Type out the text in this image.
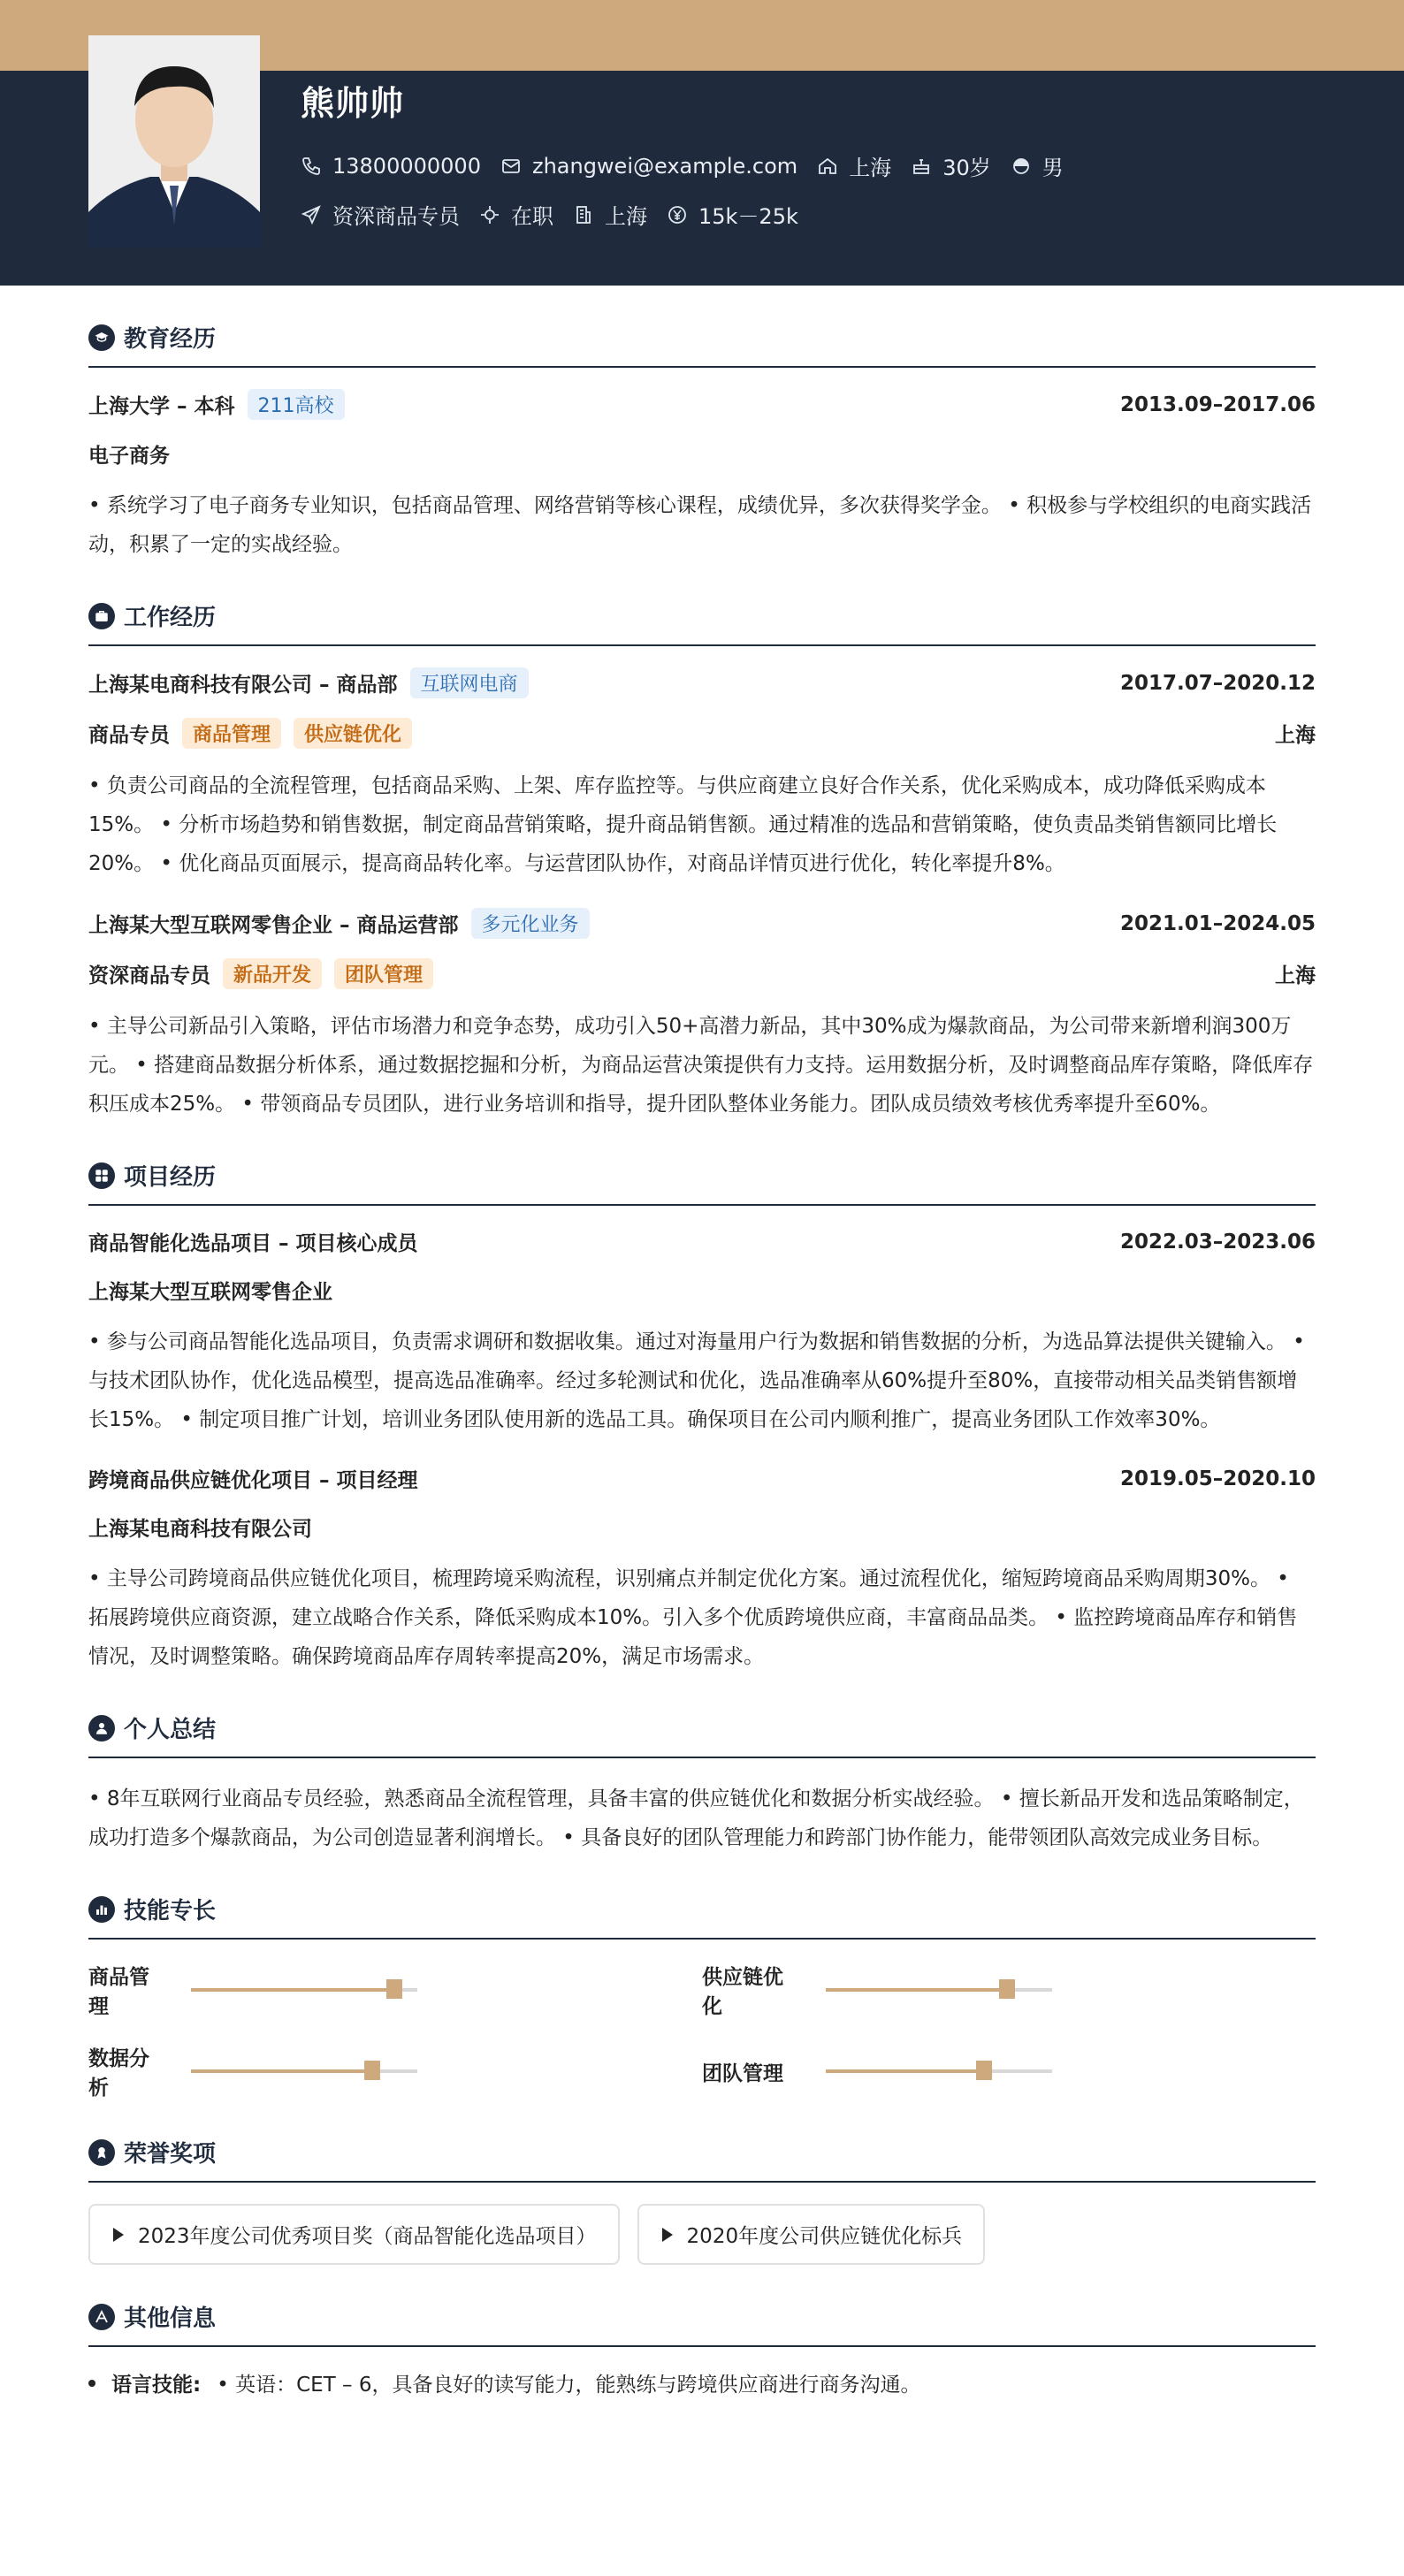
熊帅帅
13800000000 zhangwei@example.com 上海 30岁 男
资深商品专员 在职 上海 15k－25k
教育经历
上海大学 – 本科	211高校	2013.09–2017.06
电子商务
• 系统学习了电子商务专业知识，包括商品管理、网络营销等核心课程，成绩优异，多次获得奖学金。 • 积极参与学校组织的电商实践活动，积累了一定的实战经验。
工作经历
上海某电商科技有限公司 – 商品部	互联网电商	2017.07–2020.12
商品专员	商品管理	供应链优化	上海
• 负责公司商品的全流程管理，包括商品采购、上架、库存监控等。与供应商建立良好合作关系，优化采购成本，成功降低采购成本15%。 • 分析市场趋势和销售数据，制定商品营销策略，提升商品销售额。通过精准的选品和营销策略，使负责品类销售额同比增长20%。 • 优化商品页面展示，提高商品转化率。与运营团队协作，对商品详情页进行优化，转化率提升8%。
上海某大型互联网零售企业 – 商品运营部	多元化业务	2021.01–2024.05
资深商品专员	新品开发	团队管理	上海
• 主导公司新品引入策略，评估市场潜力和竞争态势，成功引入50+高潜力新品，其中30%成为爆款商品，为公司带来新增利润300万元。 • 搭建商品数据分析体系，通过数据挖掘和分析，为商品运营决策提供有力支持。运用数据分析，及时调整商品库存策略，降低库存积压成本25%。 • 带领商品专员团队，进行业务培训和指导，提升团队整体业务能力。团队成员绩效考核优秀率提升至60%。
项目经历
商品智能化选品项目 – 项目核心成员	2022.03–2023.06
上海某大型互联网零售企业
• 参与公司商品智能化选品项目，负责需求调研和数据收集。通过对海量用户行为数据和销售数据的分析，为选品算法提供关键输入。 • 与技术团队协作，优化选品模型，提高选品准确率。经过多轮测试和优化，选品准确率从60%提升至80%，直接带动相关品类销售额增长15%。 • 制定项目推广计划，培训业务团队使用新的选品工具。确保项目在公司内顺利推广，提高业务团队工作效率30%。
跨境商品供应链优化项目 – 项目经理	2019.05–2020.10
上海某电商科技有限公司
• 主导公司跨境商品供应链优化项目，梳理跨境采购流程，识别痛点并制定优化方案。通过流程优化，缩短跨境商品采购周期30%。 • 拓展跨境供应商资源，建立战略合作关系，降低采购成本10%。引入多个优质跨境供应商，丰富商品品类。 • 监控跨境商品库存和销售情况，及时调整策略。确保跨境商品库存周转率提高20%，满足市场需求。
个人总结
• 8年互联网行业商品专员经验，熟悉商品全流程管理，具备丰富的供应链优化和数据分析实战经验。 • 擅长新品开发和选品策略制定，成功打造多个爆款商品，为公司创造显著利润增长。 • 具备良好的团队管理能力和跨部门协作能力，能带领团队高效完成业务目标。
技能专长
商品管理
供应链优化
数据分析
团队管理
荣誉奖项
2023年度公司优秀项目奖（商品智能化选品项目）	2020年度公司供应链优化标兵
其他信息
语言技能: • 英语：CET – 6，具备良好的读写能力，能熟练与跨境供应商进行商务沟通。
